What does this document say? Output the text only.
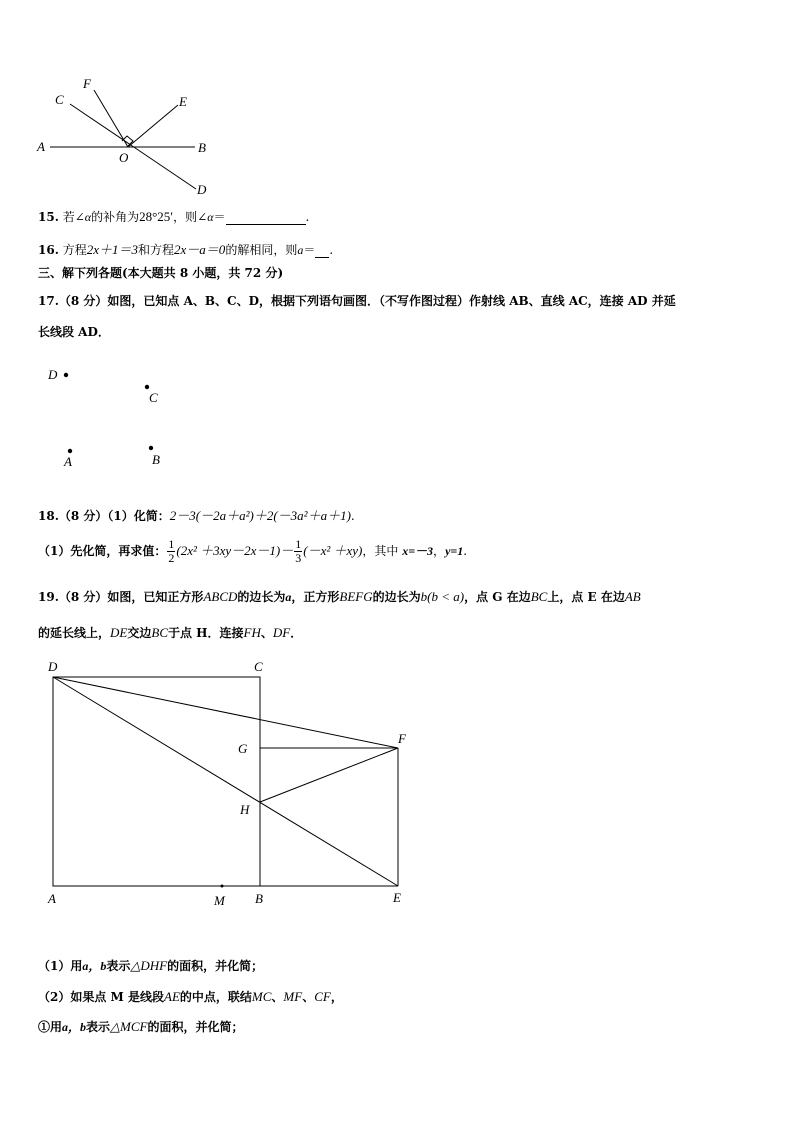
A	B
C
D
E
F
O
15. 若∠α的补角为28°25′，则∠α＝	.
16. 方程2x＋1＝3和方程2x－a＝0的解相同，则a＝ .
三、解下列各题(本大题共 8 小题，共 72 分)
17.（8 分）如图，已知点 A、B、C、D，根据下列语句画图．（不写作图过程）作射线 AB、直线 AC，连接 AD 并延
长线段 AD．
D
C
A	B
18.（8 分）（1）化简：2－3(－2a＋a²)＋2(－3a²＋a＋1).
（1）先化简，再求值： $\frac{1}{2} (2x^2 +3xy-2x-1)- \frac{1}{3} (-x^2 +xy)$，其中 x=－3，y=1.
19.（8 分）如图，已知正方形ABCD的边长为a，正方形BEFG的边长为b(b < a)，点 G 在边BC上，点 E 在边AB
的延长线上，DE交边BC于点 H．连接FH、DF．
D	C
G
F
H
A	M B	E
（1）用a，b表示△DHF的面积，并化简；
（2）如果点 M 是线段AE的中点，联结MC、MF、CF，
①用a，b表示△MCF的面积，并化简；
